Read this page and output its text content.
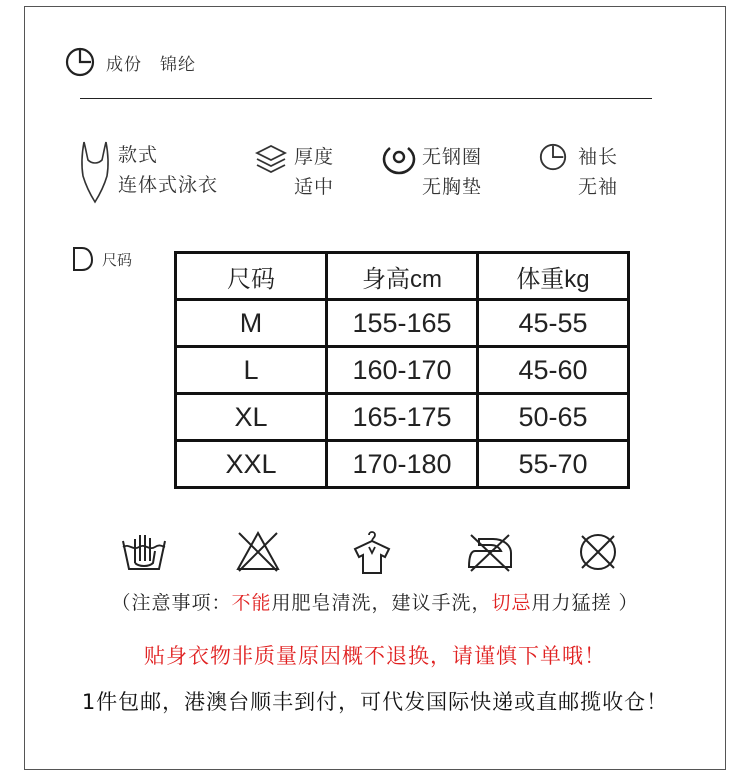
成份 锦纶
款式
连体式泳衣
厚度
适中
无钢圈
无胸垫
袖长
无袖
尺码
尺码	身高cm	体重kg
M	155-165	45-55
L	160-170	45-60
XL	165-175	50-65
XXL	170-180	55-70
（注意事项：不能用肥皂清洗，建议手洗，切忌用力猛搓 ）
贴身衣物非质量原因概不退换，请谨慎下单哦！
1件包邮，港澳台顺丰到付，可代发国际快递或直邮揽收仓！
